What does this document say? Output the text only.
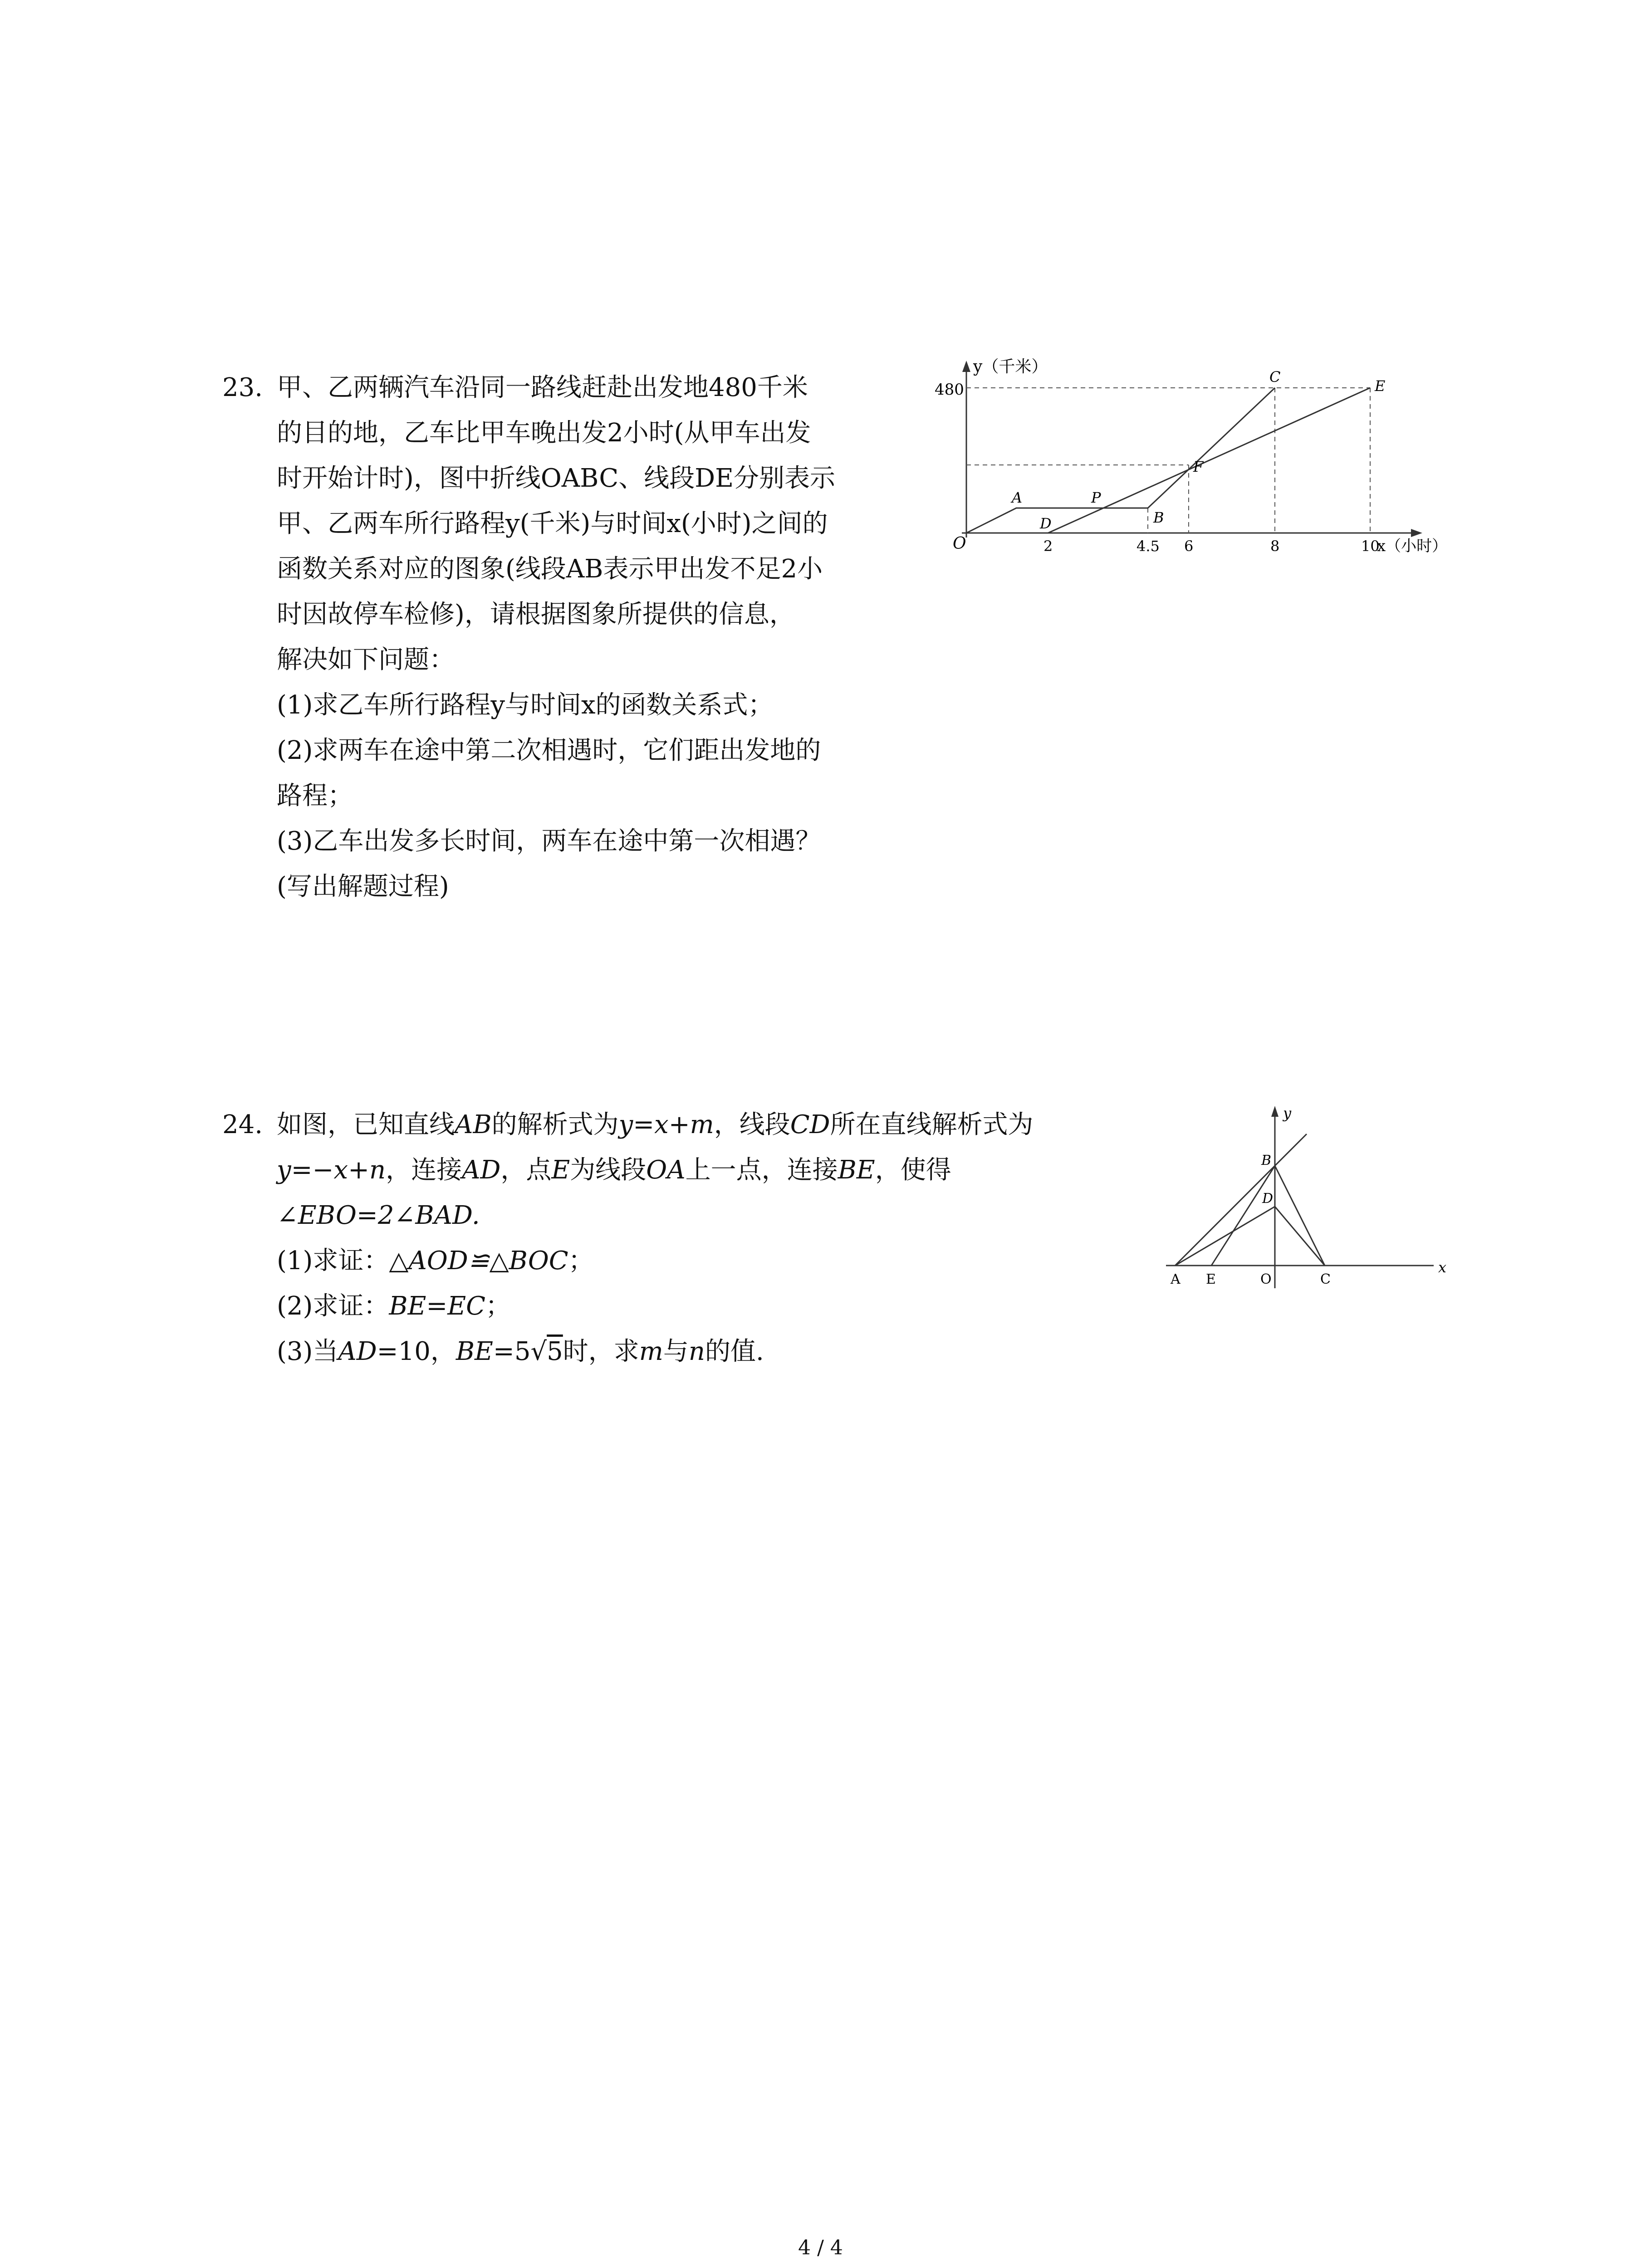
23. 甲、乙两辆汽车沿同一路线赶赴出发地480千米
的目的地，乙车比甲车晚出发2小时(从甲车出发
时开始计时)，图中折线OABC、线段DE分别表示
甲、乙两车所行路程y(千米)与时间x(小时)之间的
函数关系对应的图象(线段AB表示甲出发不足2小
时因故停车检修)，请根据图象所提供的信息，
解决如下问题：
(1)求乙车所行路程y与时间x的函数关系式；
(2)求两车在途中第二次相遇时，它们距出发地的
路程；
(3)乙车出发多长时间，两车在途中第一次相遇？
(写出解题过程)
y（千米）
x（小时）
480
2	4.5 6	8	10
O
A	P
D	B
F
C
E
24. 如图，已知直线AB的解析式为y=x+m，线段CD所在直线解析式为
y=−x+n，连接AD，点E为线段OA上一点，连接BE，使得
∠EBO=2∠BAD.
(1)求证：△AOD≌△BOC；
(2)求证：BE=EC；
(3)当AD=10，BE=5√5时，求m与n的值.
y
x
A E	O	C
B
D
4 / 4
